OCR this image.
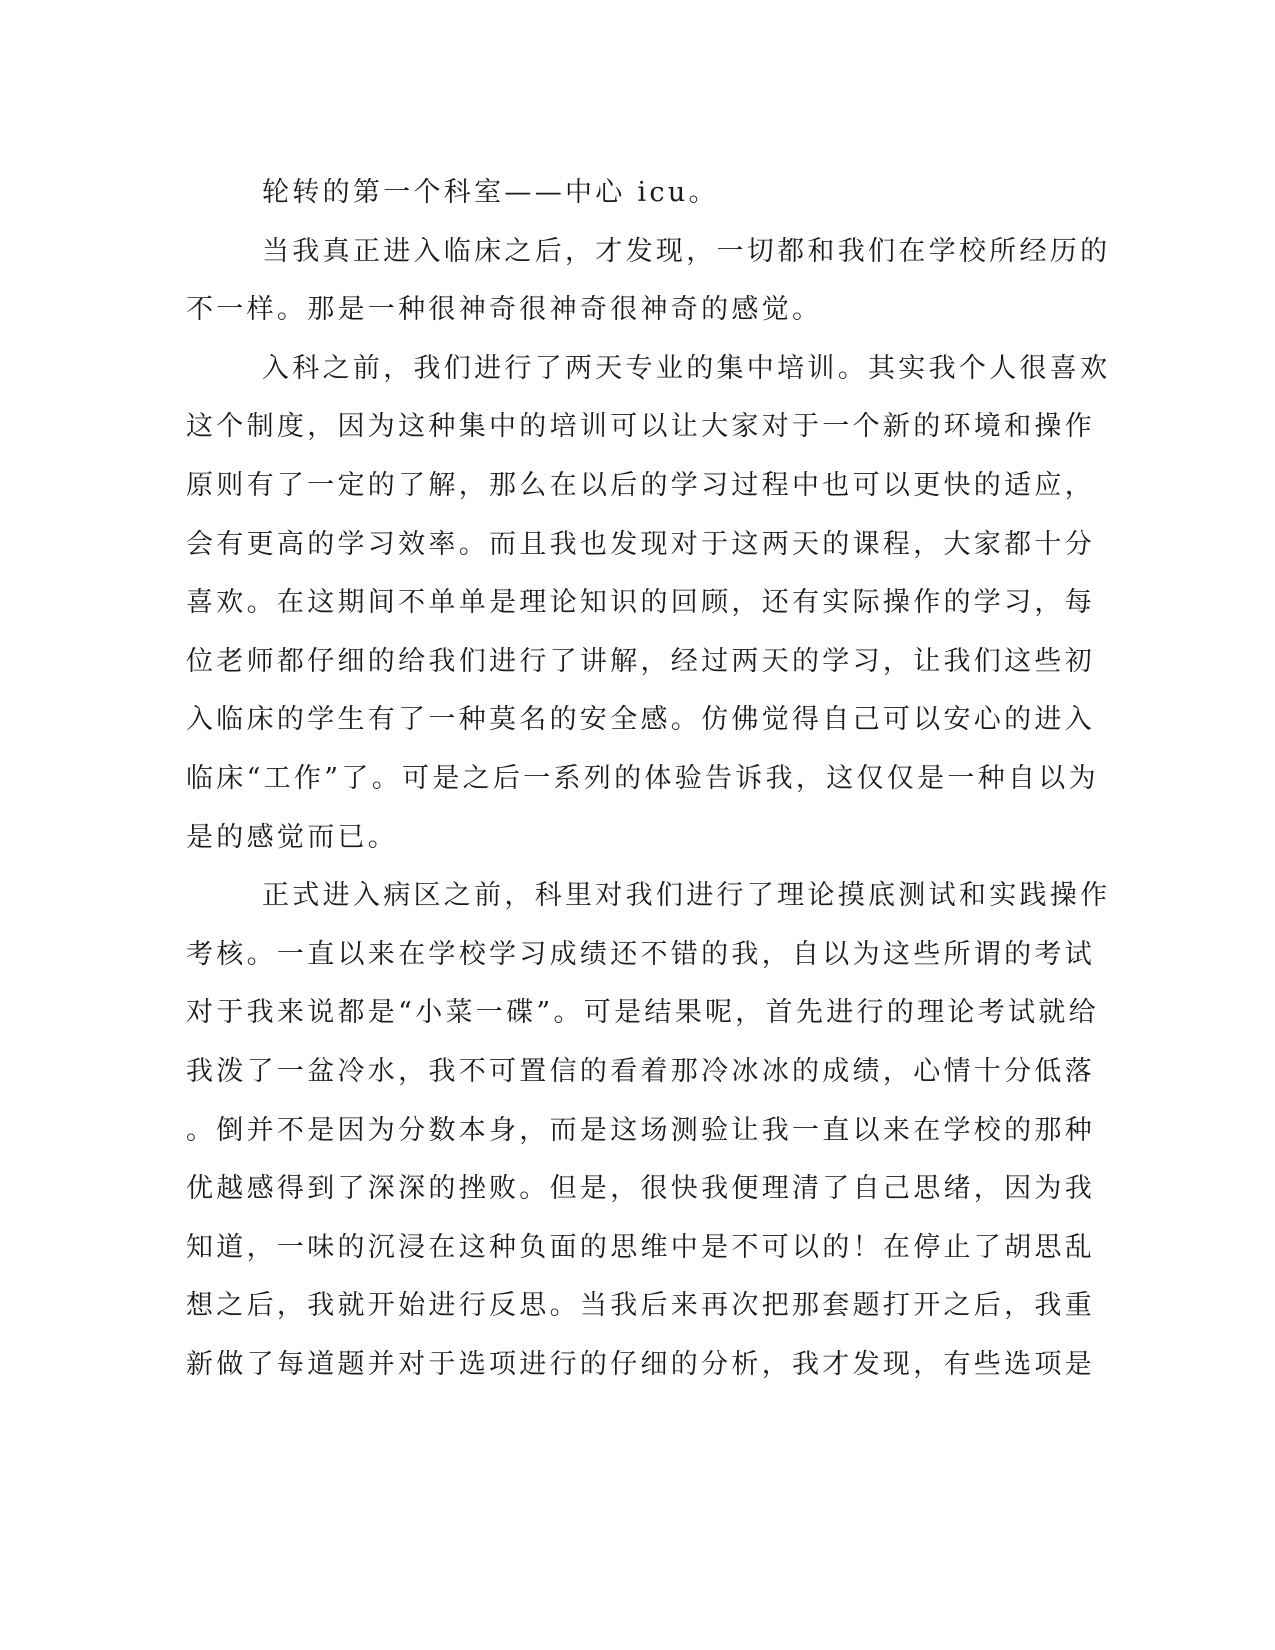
轮转的第一个科室——中心 icu。
当我真正进入临床之后，才发现，一切都和我们在学校所经历的
不一样。那是一种很神奇很神奇很神奇的感觉。
入科之前，我们进行了两天专业的集中培训。其实我个人很喜欢
这个制度，因为这种集中的培训可以让大家对于一个新的环境和操作
原则有了一定的了解，那么在以后的学习过程中也可以更快的适应，
会有更高的学习效率。而且我也发现对于这两天的课程，大家都十分
喜欢。在这期间不单单是理论知识的回顾，还有实际操作的学习，每
位老师都仔细的给我们进行了讲解，经过两天的学习，让我们这些初
入临床的学生有了一种莫名的安全感。仿佛觉得自己可以安心的进入
临床“工作”了。可是之后一系列的体验告诉我，这仅仅是一种自以为
是的感觉而已。
正式进入病区之前，科里对我们进行了理论摸底测试和实践操作
考核。一直以来在学校学习成绩还不错的我，自以为这些所谓的考试
对于我来说都是“小菜一碟”。可是结果呢，首先进行的理论考试就给
我泼了一盆冷水，我不可置信的看着那冷冰冰的成绩，心情十分低落
。倒并不是因为分数本身，而是这场测验让我一直以来在学校的那种
优越感得到了深深的挫败。但是，很快我便理清了自己思绪，因为我
知道，一味的沉浸在这种负面的思维中是不可以的！在停止了胡思乱
想之后，我就开始进行反思。当我后来再次把那套题打开之后，我重
新做了每道题并对于选项进行的仔细的分析，我才发现，有些选项是
